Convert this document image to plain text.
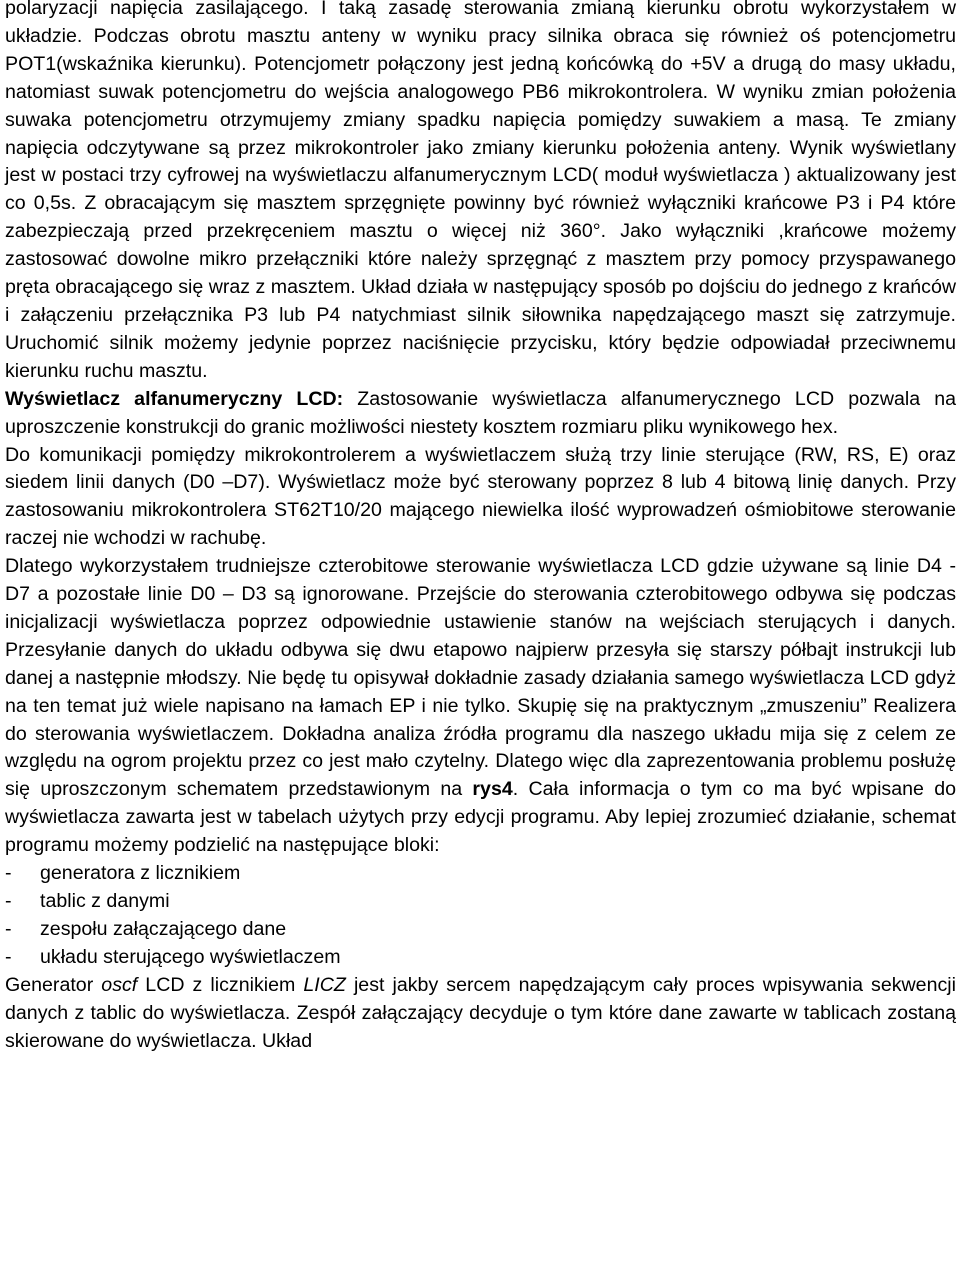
polaryzacji napięcia zasilającego. I taką zasadę sterowania zmianą kierunku obrotu wykorzystałem w układzie. Podczas obrotu masztu anteny w wyniku pracy silnika obraca się również oś potencjometru POT1(wskaźnika kierunku). Potencjometr połączony jest jedną końcówką do +5V a drugą do masy układu, natomiast suwak potencjometru do wejścia analogowego PB6 mikrokontrolera. W wyniku zmian położenia suwaka potencjometru otrzymujemy zmiany spadku napięcia pomiędzy suwakiem a masą. Te zmiany napięcia odczytywane są przez mikrokontroler jako zmiany kierunku położenia anteny. Wynik wyświetlany jest w postaci trzy cyfrowej na wyświetlaczu alfanumerycznym LCD( moduł wyświetlacza ) aktualizowany jest co 0,5s. Z obracającym się masztem sprzęgnięte powinny być również wyłączniki krańcowe P3 i P4 które zabezpieczają przed przekręceniem masztu o więcej niż 360°. Jako wyłączniki ,krańcowe możemy zastosować dowolne mikro przełączniki które należy sprzęgnąć z masztem przy pomocy przyspawanego pręta obracającego się wraz z masztem. Układ działa w następujący sposób po dojściu do jednego z krańców i załączeniu przełącznika P3 lub P4 natychmiast silnik siłownika napędzającego maszt się zatrzymuje. Uruchomić silnik możemy jedynie poprzez naciśnięcie przycisku, który będzie odpowiadał przeciwnemu kierunku ruchu masztu.

Wyświetlacz alfanumeryczny LCD: Zastosowanie wyświetlacza alfanumerycznego LCD pozwala na uproszczenie konstrukcji do granic możliwości niestety kosztem rozmiaru pliku wynikowego hex.

Do komunikacji pomiędzy mikrokontrolerem a wyświetlaczem służą trzy linie sterujące (RW, RS, E) oraz siedem linii danych (D0 –D7). Wyświetlacz może być sterowany poprzez 8 lub 4 bitową linię danych. Przy zastosowaniu mikrokontrolera ST62T10/20 mającego niewielka ilość wyprowadzeń ośmiobitowe sterowanie raczej nie wchodzi w rachubę.

Dlatego wykorzystałem trudniejsze czterobitowe sterowanie wyświetlacza LCD gdzie używane są linie D4 - D7 a pozostałe linie D0 – D3 są ignorowane. Przejście do sterowania czterobitowego odbywa się podczas inicjalizacji wyświetlacza poprzez odpowiednie ustawienie stanów na wejściach sterujących i danych. Przesyłanie danych do układu odbywa się dwu etapowo najpierw przesyła się starszy półbajt instrukcji lub danej a następnie młodszy. Nie będę tu opisywał dokładnie zasady działania samego wyświetlacza LCD gdyż na ten temat już wiele napisano na łamach EP i nie tylko. Skupię się na praktycznym „zmuszeniu” Realizera do sterowania wyświetlaczem. Dokładna analiza źródła programu dla naszego układu mija się z celem ze względu na ogrom projektu przez co jest mało czytelny. Dlatego więc dla zaprezentowania problemu posłużę się uproszczonym schematem przedstawionym na rys4. Cała informacja o tym co ma być wpisane do wyświetlacza zawarta jest w tabelach użytych przy edycji programu. Aby lepiej zrozumieć działanie, schemat programu możemy podzielić na następujące bloki:

-	generatora z licznikiem
-	tablic z danymi
-	zespołu załączającego dane
-	układu sterującego wyświetlaczem

Generator oscf LCD z licznikiem LICZ jest jakby sercem napędzającym cały proces wpisywania sekwencji danych z tablic do wyświetlacza. Zespół załączający decyduje o tym które dane zawarte w tablicach zostaną skierowane do wyświetlacza. Układ
